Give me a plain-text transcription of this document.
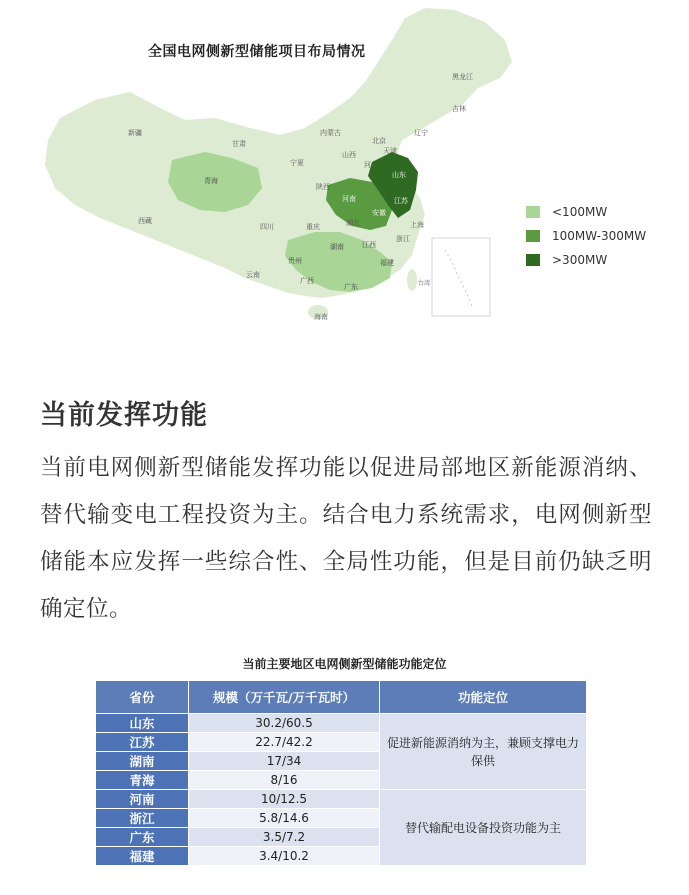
黑龙江
吉林
辽宁
新疆
甘肃
内蒙古
北京
天津
宁夏
山西
河北
青海
陕西
河南
山东
江苏
安徽
上海
西藏
四川	重庆	湖北
浙江
贵州
湖南	江西
福建
台湾
云南
广西
广东
海南
全国电网侧新型储能项目布局情况
<100MW
100MW-300MW
>300MW
当前发挥功能
当前电网侧新型储能发挥功能以促进局部地区新能源消纳、替代输变电工程投资为主。结合电力系统需求，电网侧新型储能本应发挥一些综合性、全局性功能，但是目前仍缺乏明确定位。
当前主要地区电网侧新型储能功能定位
省份	规模（万千瓦/万千瓦时）	功能定位
山东	30.2/60.5	促进新能源消纳为主，兼顾支撑电力保供
江苏	22.7/42.2	
湖南	17/34	
青海	8/16	
河南	10/12.5	替代输配电设备投资功能为主
浙江	5.8/14.6	
广东	3.5/7.2	
福建	3.4/10.2	
